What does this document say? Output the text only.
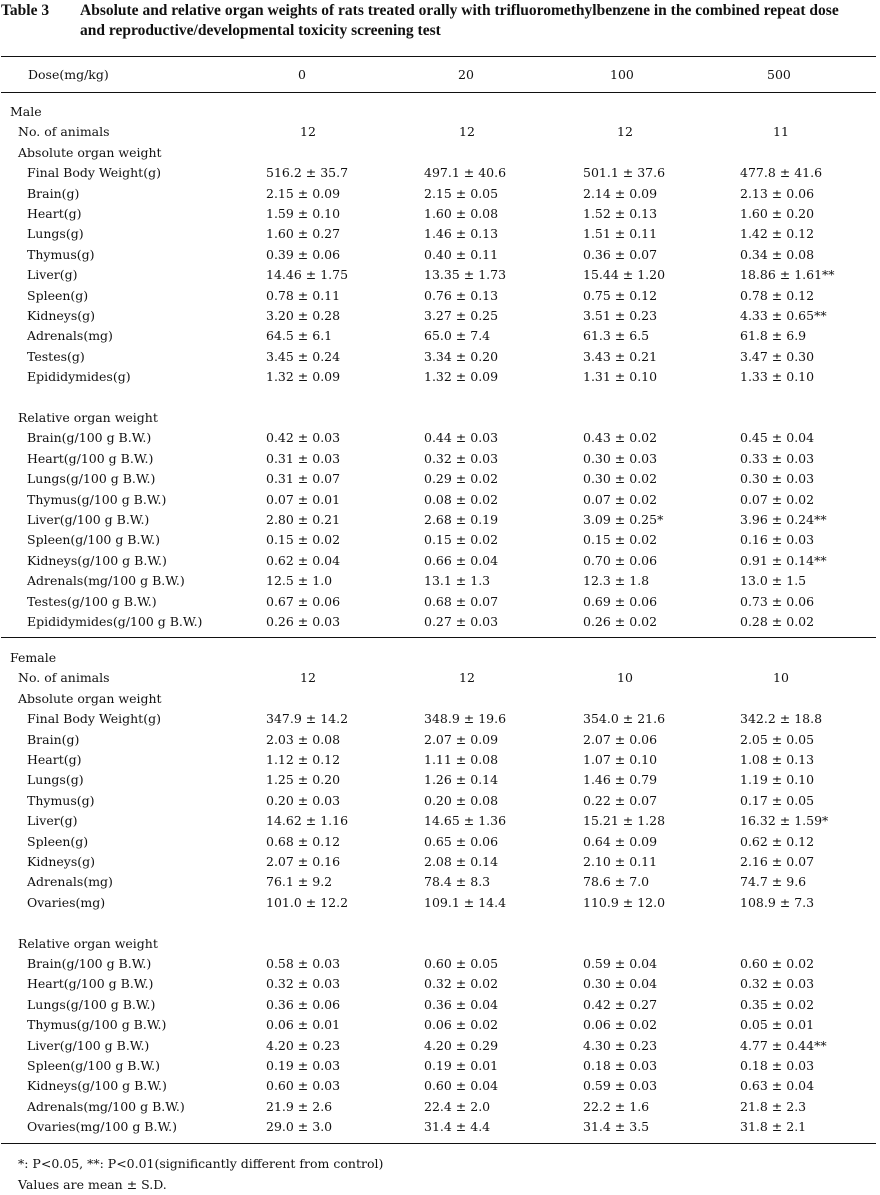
Table 3 Absolute and relative organ weights of rats treated orally with trifluoromethylbenzene in the combined repeat dose and reproductive/developmental toxicity screening test
Dose(mg/kg)	0	20	100	500
Male
No. of animals	12	12	12	11
Absolute organ weight
Final Body Weight(g)	516.2 ± 35.7	497.1 ± 40.6	501.1 ± 37.6	477.8 ± 41.6
Brain(g)	2.15 ± 0.09	2.15 ± 0.05	2.14 ± 0.09	2.13 ± 0.06
Heart(g)	1.59 ± 0.10	1.60 ± 0.08	1.52 ± 0.13	1.60 ± 0.20
Lungs(g)	1.60 ± 0.27	1.46 ± 0.13	1.51 ± 0.11	1.42 ± 0.12
Thymus(g)	0.39 ± 0.06	0.40 ± 0.11	0.36 ± 0.07	0.34 ± 0.08
Liver(g)	14.46 ± 1.75	13.35 ± 1.73	15.44 ± 1.20	18.86 ± 1.61**
Spleen(g)	0.78 ± 0.11	0.76 ± 0.13	0.75 ± 0.12	0.78 ± 0.12
Kidneys(g)	3.20 ± 0.28	3.27 ± 0.25	3.51 ± 0.23	4.33 ± 0.65**
Adrenals(mg)	64.5 ± 6.1	65.0 ± 7.4	61.3 ± 6.5	61.8 ± 6.9
Testes(g)	3.45 ± 0.24	3.34 ± 0.20	3.43 ± 0.21	3.47 ± 0.30
Epididymides(g)	1.32 ± 0.09	1.32 ± 0.09	1.31 ± 0.10	1.33 ± 0.10
Relative organ weight
Brain(g/100 g B.W.)	0.42 ± 0.03	0.44 ± 0.03	0.43 ± 0.02	0.45 ± 0.04
Heart(g/100 g B.W.)	0.31 ± 0.03	0.32 ± 0.03	0.30 ± 0.03	0.33 ± 0.03
Lungs(g/100 g B.W.)	0.31 ± 0.07	0.29 ± 0.02	0.30 ± 0.02	0.30 ± 0.03
Thymus(g/100 g B.W.)	0.07 ± 0.01	0.08 ± 0.02	0.07 ± 0.02	0.07 ± 0.02
Liver(g/100 g B.W.)	2.80 ± 0.21	2.68 ± 0.19	3.09 ± 0.25*	3.96 ± 0.24**
Spleen(g/100 g B.W.)	0.15 ± 0.02	0.15 ± 0.02	0.15 ± 0.02	0.16 ± 0.03
Kidneys(g/100 g B.W.)	0.62 ± 0.04	0.66 ± 0.04	0.70 ± 0.06	0.91 ± 0.14**
Adrenals(mg/100 g B.W.)	12.5 ± 1.0	13.1 ± 1.3	12.3 ± 1.8	13.0 ± 1.5
Testes(g/100 g B.W.)	0.67 ± 0.06	0.68 ± 0.07	0.69 ± 0.06	0.73 ± 0.06
Epididymides(g/100 g B.W.)	0.26 ± 0.03	0.27 ± 0.03	0.26 ± 0.02	0.28 ± 0.02
Female
No. of animals	12	12	10	10
Absolute organ weight
Final Body Weight(g)	347.9 ± 14.2	348.9 ± 19.6	354.0 ± 21.6	342.2 ± 18.8
Brain(g)	2.03 ± 0.08	2.07 ± 0.09	2.07 ± 0.06	2.05 ± 0.05
Heart(g)	1.12 ± 0.12	1.11 ± 0.08	1.07 ± 0.10	1.08 ± 0.13
Lungs(g)	1.25 ± 0.20	1.26 ± 0.14	1.46 ± 0.79	1.19 ± 0.10
Thymus(g)	0.20 ± 0.03	0.20 ± 0.08	0.22 ± 0.07	0.17 ± 0.05
Liver(g)	14.62 ± 1.16	14.65 ± 1.36	15.21 ± 1.28	16.32 ± 1.59*
Spleen(g)	0.68 ± 0.12	0.65 ± 0.06	0.64 ± 0.09	0.62 ± 0.12
Kidneys(g)	2.07 ± 0.16	2.08 ± 0.14	2.10 ± 0.11	2.16 ± 0.07
Adrenals(mg)	76.1 ± 9.2	78.4 ± 8.3	78.6 ± 7.0	74.7 ± 9.6
Ovaries(mg)	101.0 ± 12.2	109.1 ± 14.4	110.9 ± 12.0	108.9 ± 7.3
Relative organ weight
Brain(g/100 g B.W.)	0.58 ± 0.03	0.60 ± 0.05	0.59 ± 0.04	0.60 ± 0.02
Heart(g/100 g B.W.)	0.32 ± 0.03	0.32 ± 0.02	0.30 ± 0.04	0.32 ± 0.03
Lungs(g/100 g B.W.)	0.36 ± 0.06	0.36 ± 0.04	0.42 ± 0.27	0.35 ± 0.02
Thymus(g/100 g B.W.)	0.06 ± 0.01	0.06 ± 0.02	0.06 ± 0.02	0.05 ± 0.01
Liver(g/100 g B.W.)	4.20 ± 0.23	4.20 ± 0.29	4.30 ± 0.23	4.77 ± 0.44**
Spleen(g/100 g B.W.)	0.19 ± 0.03	0.19 ± 0.01	0.18 ± 0.03	0.18 ± 0.03
Kidneys(g/100 g B.W.)	0.60 ± 0.03	0.60 ± 0.04	0.59 ± 0.03	0.63 ± 0.04
Adrenals(mg/100 g B.W.)	21.9 ± 2.6	22.4 ± 2.0	22.2 ± 1.6	21.8 ± 2.3
Ovaries(mg/100 g B.W.)	29.0 ± 3.0	31.4 ± 4.4	31.4 ± 3.5	31.8 ± 2.1
*: P<0.05, **: P<0.01(significantly different from control)
Values are mean ± S.D.
